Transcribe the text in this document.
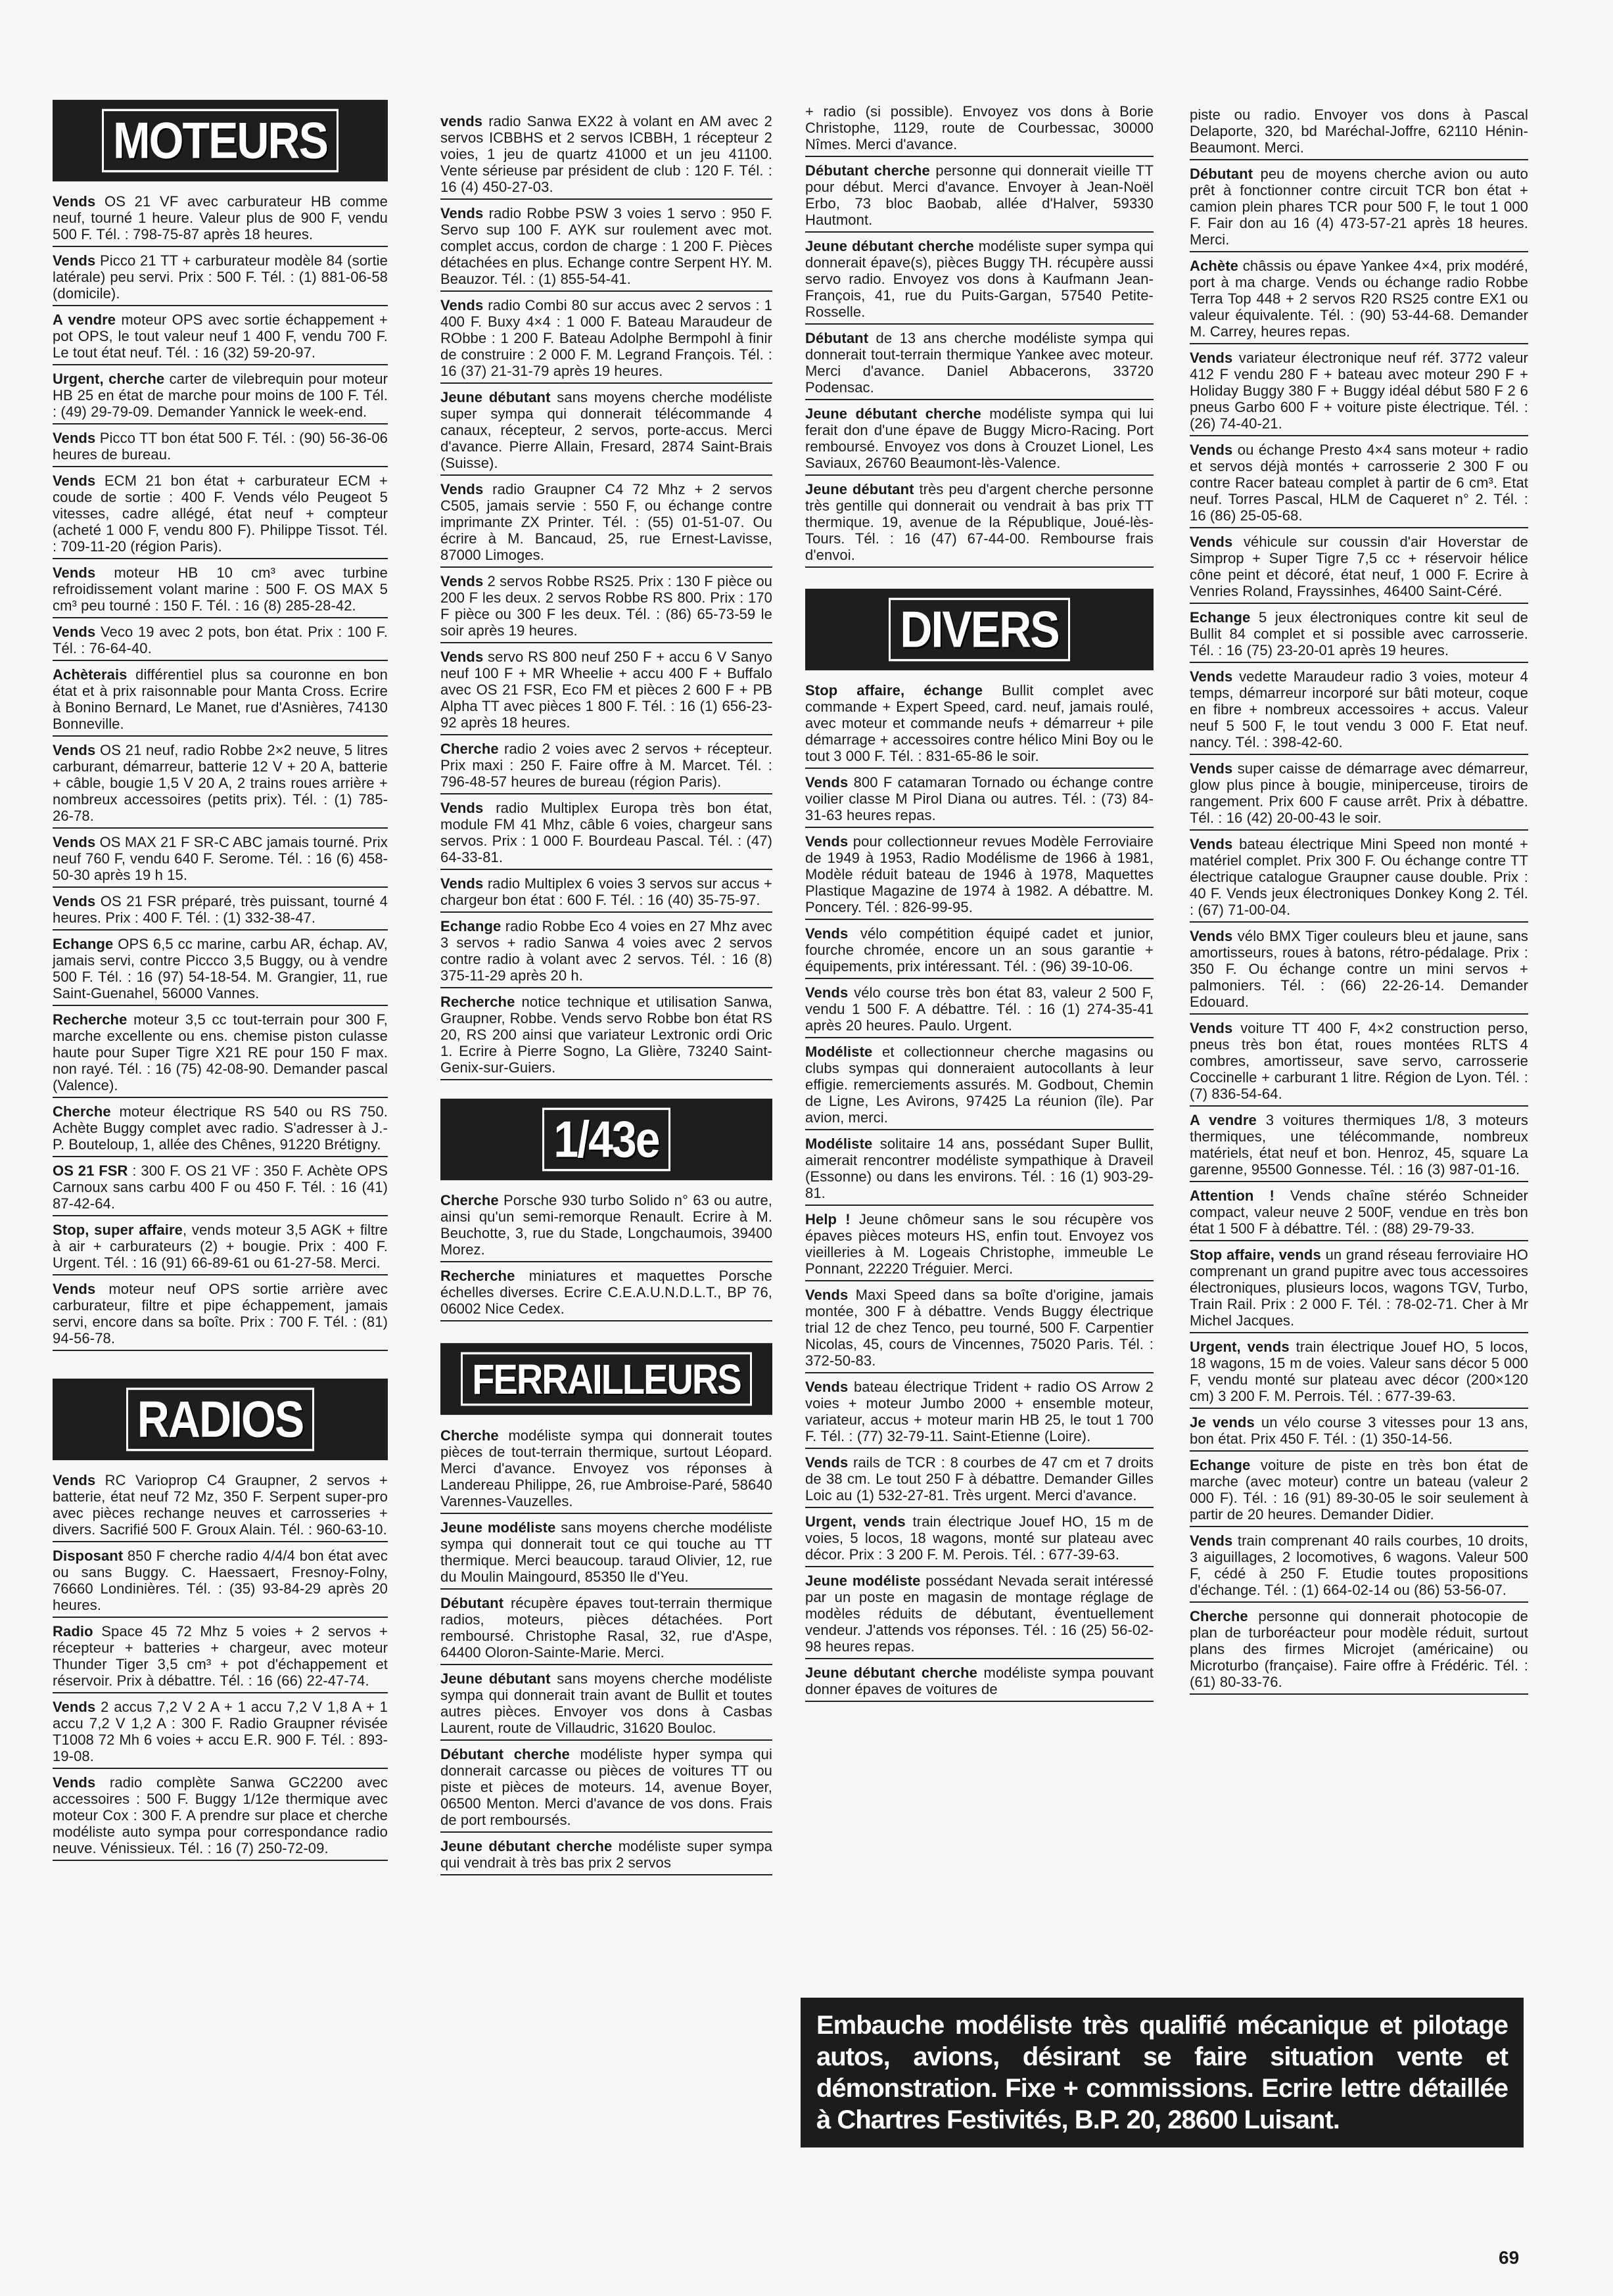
MOTEURS
Vends OS 21 VF avec carburateur HB comme neuf, tourné 1 heure. Valeur plus de 900 F, vendu 500 F. Tél. : 798-75-87 après 18 heures.
Vends Picco 21 TT + carburateur modèle 84 (sortie latérale) peu servi. Prix : 500 F. Tél. : (1) 881-06-58 (domicile).
A vendre moteur OPS avec sortie échappement + pot OPS, le tout valeur neuf 1 400 F, vendu 700 F. Le tout état neuf. Tél. : 16 (32) 59-20-97.
Urgent, cherche carter de vilebrequin pour moteur HB 25 en état de marche pour moins de 100 F. Tél. : (49) 29-79-09. Demander Yannick le week-end.
Vends Picco TT bon état 500 F. Tél. : (90) 56-36-06 heures de bureau.
Vends ECM 21 bon état + carburateur ECM + coude de sortie : 400 F. Vends vélo Peugeot 5 vitesses, cadre allégé, état neuf + compteur (acheté 1 000 F, vendu 800 F). Philippe Tissot. Tél. : 709-11-20 (région Paris).
Vends moteur HB 10 cm³ avec turbine refroidissement volant marine : 500 F. OS MAX 5 cm³ peu tourné : 150 F. Tél. : 16 (8) 285-28-42.
Vends Veco 19 avec 2 pots, bon état. Prix : 100 F. Tél. : 76-64-40.
Achèterais différentiel plus sa couronne en bon état et à prix raisonnable pour Manta Cross. Ecrire à Bonino Bernard, Le Manet, rue d'Asnières, 74130 Bonneville.
Vends OS 21 neuf, radio Robbe 2×2 neuve, 5 litres carburant, démarreur, batterie 12 V + 20 A, batterie + câble, bougie 1,5 V 20 A, 2 trains roues arrière + nombreux accessoires (petits prix). Tél. : (1) 785-26-78.
Vends OS MAX 21 F SR-C ABC jamais tourné. Prix neuf 760 F, vendu 640 F. Serome. Tél. : 16 (6) 458-50-30 après 19 h 15.
Vends OS 21 FSR préparé, très puissant, tourné 4 heures. Prix : 400 F. Tél. : (1) 332-38-47.
Echange OPS 6,5 cc marine, carbu AR, échap. AV, jamais servi, contre Piccco 3,5 Buggy, ou à vendre 500 F. Tél. : 16 (97) 54-18-54. M. Grangier, 11, rue Saint-Guenahel, 56000 Vannes.
Recherche moteur 3,5 cc tout-terrain pour 300 F, marche excellente ou ens. chemise piston culasse haute pour Super Tigre X21 RE pour 150 F max. non rayé. Tél. : 16 (75) 42-08-90. Demander pascal (Valence).
Cherche moteur électrique RS 540 ou RS 750. Achète Buggy complet avec radio. S'adresser à J.-P. Bouteloup, 1, allée des Chênes, 91220 Brétigny.
OS 21 FSR : 300 F. OS 21 VF : 350 F. Achète OPS Carnoux sans carbu 400 F ou 450 F. Tél. : 16 (41) 87-42-64.
Stop, super affaire, vends moteur 3,5 AGK + filtre à air + carburateurs (2) + bougie. Prix : 400 F. Urgent. Tél. : 16 (91) 66-89-61 ou 61-27-58. Merci.
Vends moteur neuf OPS sortie arrière avec carburateur, filtre et pipe échappement, jamais servi, encore dans sa boîte. Prix : 700 F. Tél. : (81) 94-56-78.
RADIOS
Vends RC Varioprop C4 Graupner, 2 servos + batterie, état neuf 72 Mz, 350 F. Serpent super-pro avec pièces rechange neuves et carrosseries + divers. Sacrifié 500 F. Groux Alain. Tél. : 960-63-10.
Disposant 850 F cherche radio 4/4/4 bon état avec ou sans Buggy. C. Haessaert, Fresnoy-Folny, 76660 Londinières. Tél. : (35) 93-84-29 après 20 heures.
Radio Space 45 72 Mhz 5 voies + 2 servos + récepteur + batteries + chargeur, avec moteur Thunder Tiger 3,5 cm³ + pot d'échappement et réservoir. Prix à débattre. Tél. : 16 (66) 22-47-74.
Vends 2 accus 7,2 V 2 A + 1 accu 7,2 V 1,8 A + 1 accu 7,2 V 1,2 A : 300 F. Radio Graupner révisée T1008 72 Mh 6 voies + accu E.R. 900 F. Tél. : 893-19-08.
Vends radio complète Sanwa GC2200 avec accessoires : 500 F. Buggy 1/12e thermique avec moteur Cox : 300 F. A prendre sur place et cherche modéliste auto sympa pour correspondance radio neuve. Vénissieux. Tél. : 16 (7) 250-72-09.
vends radio Sanwa EX22 à volant en AM avec 2 servos ICBBHS et 2 servos ICBBH, 1 récepteur 2 voies, 1 jeu de quartz 41000 et un jeu 41100. Vente sérieuse par président de club : 120 F. Tél. : 16 (4) 450-27-03.
Vends radio Robbe PSW 3 voies 1 servo : 950 F. Servo sup 100 F. AYK sur roulement avec mot. complet accus, cordon de charge : 1 200 F. Pièces détachées en plus. Echange contre Serpent HY. M. Beauzor. Tél. : (1) 855-54-41.
Vends radio Combi 80 sur accus avec 2 servos : 1 400 F. Buxy 4×4 : 1 000 F. Bateau Maraudeur de RObbe : 1 200 F. Bateau Adolphe Bermpohl à finir de construire : 2 000 F. M. Legrand François. Tél. : 16 (37) 21-31-79 après 19 heures.
Jeune débutant sans moyens cherche modéliste super sympa qui donnerait télécommande 4 canaux, récepteur, 2 servos, porte-accus. Merci d'avance. Pierre Allain, Fresard, 2874 Saint-Brais (Suisse).
Vends radio Graupner C4 72 Mhz + 2 servos C505, jamais servie : 550 F, ou échange contre imprimante ZX Printer. Tél. : (55) 01-51-07. Ou écrire à M. Bancaud, 25, rue Ernest-Lavisse, 87000 Limoges.
Vends 2 servos Robbe RS25. Prix : 130 F pièce ou 200 F les deux. 2 servos Robbe RS 800. Prix : 170 F pièce ou 300 F les deux. Tél. : (86) 65-73-59 le soir après 19 heures.
Vends servo RS 800 neuf 250 F + accu 6 V Sanyo neuf 100 F + MR Wheelie + accu 400 F + Buffalo avec OS 21 FSR, Eco FM et pièces 2 600 F + PB Alpha TT avec pièces 1 800 F. Tél. : 16 (1) 656-23-92 après 18 heures.
Cherche radio 2 voies avec 2 servos + récepteur. Prix maxi : 250 F. Faire offre à M. Marcet. Tél. : 796-48-57 heures de bureau (région Paris).
Vends radio Multiplex Europa très bon état, module FM 41 Mhz, câble 6 voies, chargeur sans servos. Prix : 1 000 F. Bourdeau Pascal. Tél. : (47) 64-33-81.
Vends radio Multiplex 6 voies 3 servos sur accus + chargeur bon état : 600 F. Tél. : 16 (40) 35-75-97.
Echange radio Robbe Eco 4 voies en 27 Mhz avec 3 servos + radio Sanwa 4 voies avec 2 servos contre radio à volant avec 2 servos. Tél. : 16 (8) 375-11-29 après 20 h.
Recherche notice technique et utilisation Sanwa, Graupner, Robbe. Vends servo Robbe bon état RS 20, RS 200 ainsi que variateur Lextronic ordi Oric 1. Ecrire à Pierre Sogno, La Glière, 73240 Saint-Genix-sur-Guiers.
1/43e
Cherche Porsche 930 turbo Solido n° 63 ou autre, ainsi qu'un semi-remorque Renault. Ecrire à M. Beuchotte, 3, rue du Stade, Longchaumois, 39400 Morez.
Recherche miniatures et maquettes Porsche échelles diverses. Ecrire C.E.A.U.N.D.L.T., BP 76, 06002 Nice Cedex.
FERRAILLEURS
Cherche modéliste sympa qui donnerait toutes pièces de tout-terrain thermique, surtout Léopard. Merci d'avance. Envoyez vos réponses à Landereau Philippe, 26, rue Ambroise-Paré, 58640 Varennes-Vauzelles.
Jeune modéliste sans moyens cherche modéliste sympa qui donnerait tout ce qui touche au TT thermique. Merci beaucoup. taraud Olivier, 12, rue du Moulin Maingourd, 85350 Ile d'Yeu.
Débutant récupère épaves tout-terrain thermique radios, moteurs, pièces détachées. Port remboursé. Christophe Rasal, 32, rue d'Aspe, 64400 Oloron-Sainte-Marie. Merci.
Jeune débutant sans moyens cherche modéliste sympa qui donnerait train avant de Bullit et toutes autres pièces. Envoyer vos dons à Casbas Laurent, route de Villaudric, 31620 Bouloc.
Débutant cherche modéliste hyper sympa qui donnerait carcasse ou pièces de voitures TT ou piste et pièces de moteurs. 14, avenue Boyer, 06500 Menton. Merci d'avance de vos dons. Frais de port remboursés.
Jeune débutant cherche modéliste super sympa qui vendrait à très bas prix 2 servos
+ radio (si possible). Envoyez vos dons à Borie Christophe, 1129, route de Courbessac, 30000 Nîmes. Merci d'avance.
Débutant cherche personne qui donnerait vieille TT pour début. Merci d'avance. Envoyer à Jean-Noël Erbo, 73 bloc Baobab, allée d'Halver, 59330 Hautmont.
Jeune débutant cherche modéliste super sympa qui donnerait épave(s), pièces Buggy TH. récupère aussi servo radio. Envoyez vos dons à Kaufmann Jean-François, 41, rue du Puits-Gargan, 57540 Petite-Rosselle.
Débutant de 13 ans cherche modéliste sympa qui donnerait tout-terrain thermique Yankee avec moteur. Merci d'avance. Daniel Abbacerons, 33720 Podensac.
Jeune débutant cherche modéliste sympa qui lui ferait don d'une épave de Buggy Micro-Racing. Port remboursé. Envoyez vos dons à Crouzet Lionel, Les Saviaux, 26760 Beaumont-lès-Valence.
Jeune débutant très peu d'argent cherche personne très gentille qui donnerait ou vendrait à bas prix TT thermique. 19, avenue de la République, Joué-lès-Tours. Tél. : 16 (47) 67-44-00. Rembourse frais d'envoi.
DIVERS
Stop affaire, échange Bullit complet avec commande + Expert Speed, card. neuf, jamais roulé, avec moteur et commande neufs + démarreur + pile démarrage + accessoires contre hélico Mini Boy ou le tout 3 000 F. Tél. : 831-65-86 le soir.
Vends 800 F catamaran Tornado ou échange contre voilier classe M Pirol Diana ou autres. Tél. : (73) 84-31-63 heures repas.
Vends pour collectionneur revues Modèle Ferroviaire de 1949 à 1953, Radio Modélisme de 1966 à 1981, Modèle réduit bateau de 1946 à 1978, Maquettes Plastique Magazine de 1974 à 1982. A débattre. M. Poncery. Tél. : 826-99-95.
Vends vélo compétition équipé cadet et junior, fourche chromée, encore un an sous garantie + équipements, prix intéressant. Tél. : (96) 39-10-06.
Vends vélo course très bon état 83, valeur 2 500 F, vendu 1 500 F. A débattre. Tél. : 16 (1) 274-35-41 après 20 heures. Paulo. Urgent.
Modéliste et collectionneur cherche magasins ou clubs sympas qui donneraient autocollants à leur effigie. remerciements assurés. M. Godbout, Chemin de Ligne, Les Avirons, 97425 La réunion (île). Par avion, merci.
Modéliste solitaire 14 ans, possédant Super Bullit, aimerait rencontrer modéliste sympathique à Draveil (Essonne) ou dans les environs. Tél. : 16 (1) 903-29-81.
Help ! Jeune chômeur sans le sou récupère vos épaves pièces moteurs HS, enfin tout. Envoyez vos vieilleries à M. Logeais Christophe, immeuble Le Ponnant, 22220 Tréguier. Merci.
Vends Maxi Speed dans sa boîte d'origine, jamais montée, 300 F à débattre. Vends Buggy électrique trial 12 de chez Tenco, peu tourné, 500 F. Carpentier Nicolas, 45, cours de Vincennes, 75020 Paris. Tél. : 372-50-83.
Vends bateau électrique Trident + radio OS Arrow 2 voies + moteur Jumbo 2000 + ensemble moteur, variateur, accus + moteur marin HB 25, le tout 1 700 F. Tél. : (77) 32-79-11. Saint-Etienne (Loire).
Vends rails de TCR : 8 courbes de 47 cm et 7 droits de 38 cm. Le tout 250 F à débattre. Demander Gilles Loic au (1) 532-27-81. Très urgent. Merci d'avance.
Urgent, vends train électrique Jouef HO, 15 m de voies, 5 locos, 18 wagons, monté sur plateau avec décor. Prix : 3 200 F. M. Perois. Tél. : 677-39-63.
Jeune modéliste possédant Nevada serait intéressé par un poste en magasin de montage réglage de modèles réduits de débutant, éventuellement vendeur. J'attends vos réponses. Tél. : 16 (25) 56-02-98 heures repas.
Jeune débutant cherche modéliste sympa pouvant donner épaves de voitures de
piste ou radio. Envoyer vos dons à Pascal Delaporte, 320, bd Maréchal-Joffre, 62110 Hénin-Beaumont. Merci.
Débutant peu de moyens cherche avion ou auto prêt à fonctionner contre circuit TCR bon état + camion plein phares TCR pour 500 F, le tout 1 000 F. Fair don au 16 (4) 473-57-21 après 18 heures. Merci.
Achète châssis ou épave Yankee 4×4, prix modéré, port à ma charge. Vends ou échange radio Robbe Terra Top 448 + 2 servos R20 RS25 contre EX1 ou valeur équivalente. Tél. : (90) 53-44-68. Demander M. Carrey, heures repas.
Vends variateur électronique neuf réf. 3772 valeur 412 F vendu 280 F + bateau avec moteur 290 F + Holiday Buggy 380 F + Buggy idéal début 580 F 2 6 pneus Garbo 600 F + voiture piste électrique. Tél. : (26) 74-40-21.
Vends ou échange Presto 4×4 sans moteur + radio et servos déjà montés + carrosserie 2 300 F ou contre Racer bateau complet à partir de 6 cm³. Etat neuf. Torres Pascal, HLM de Caqueret n° 2. Tél. : 16 (86) 25-05-68.
Vends véhicule sur coussin d'air Hoverstar de Simprop + Super Tigre 7,5 cc + réservoir hélice cône peint et décoré, état neuf, 1 000 F. Ecrire à Venries Roland, Frayssinhes, 46400 Saint-Céré.
Echange 5 jeux électroniques contre kit seul de Bullit 84 complet et si possible avec carrosserie. Tél. : 16 (75) 23-20-01 après 19 heures.
Vends vedette Maraudeur radio 3 voies, moteur 4 temps, démarreur incorporé sur bâti moteur, coque en fibre + nombreux accessoires + accus. Valeur neuf 5 500 F, le tout vendu 3 000 F. Etat neuf. nancy. Tél. : 398-42-60.
Vends super caisse de démarrage avec démarreur, glow plus pince à bougie, miniperceuse, tiroirs de rangement. Prix 600 F cause arrêt. Prix à débattre. Tél. : 16 (42) 20-00-43 le soir.
Vends bateau électrique Mini Speed non monté + matériel complet. Prix 300 F. Ou échange contre TT électrique catalogue Graupner cause double. Prix : 40 F. Vends jeux électroniques Donkey Kong 2. Tél. : (67) 71-00-04.
Vends vélo BMX Tiger couleurs bleu et jaune, sans amortisseurs, roues à batons, rétro-pédalage. Prix : 350 F. Ou échange contre un mini servos + palmoniers. Tél. : (66) 22-26-14. Demander Edouard.
Vends voiture TT 400 F, 4×2 construction perso, pneus très bon état, roues montées RLTS 4 combres, amortisseur, save servo, carrosserie Coccinelle + carburant 1 litre. Région de Lyon. Tél. : (7) 836-54-64.
A vendre 3 voitures thermiques 1/8, 3 moteurs thermiques, une télécommande, nombreux matériels, état neuf et bon. Henroz, 45, square La garenne, 95500 Gonnesse. Tél. : 16 (3) 987-01-16.
Attention ! Vends chaîne stéréo Schneider compact, valeur neuve 2 500F, vendue en très bon état 1 500 F à débattre. Tél. : (88) 29-79-33.
Stop affaire, vends un grand réseau ferroviaire HO comprenant un grand pupitre avec tous accessoires électroniques, plusieurs locos, wagons TGV, Turbo, Train Rail. Prix : 2 000 F. Tél. : 78-02-71. Cher à Mr Michel Jacques.
Urgent, vends train électrique Jouef HO, 5 locos, 18 wagons, 15 m de voies. Valeur sans décor 5 000 F, vendu monté sur plateau avec décor (200×120 cm) 3 200 F. M. Perrois. Tél. : 677-39-63.
Je vends un vélo course 3 vitesses pour 13 ans, bon état. Prix 450 F. Tél. : (1) 350-14-56.
Echange voiture de piste en très bon état de marche (avec moteur) contre un bateau (valeur 2 000 F). Tél. : 16 (91) 89-30-05 le soir seulement à partir de 20 heures. Demander Didier.
Vends train comprenant 40 rails courbes, 10 droits, 3 aiguillages, 2 locomotives, 6 wagons. Valeur 500 F, cédé à 250 F. Etudie toutes propositions d'échange. Tél. : (1) 664-02-14 ou (86) 53-56-07.
Cherche personne qui donnerait photocopie de plan de turboréacteur pour modèle réduit, surtout plans des firmes Microjet (américaine) ou Microturbo (française). Faire offre à Frédéric. Tél. : (61) 80-33-76.
Embauche modéliste très qualifié mécanique et pilotage autos, avions, désirant se faire situation vente et démonstration. Fixe + commissions. Ecrire lettre détaillée à Chartres Festivités, B.P. 20, 28600 Luisant.
69
